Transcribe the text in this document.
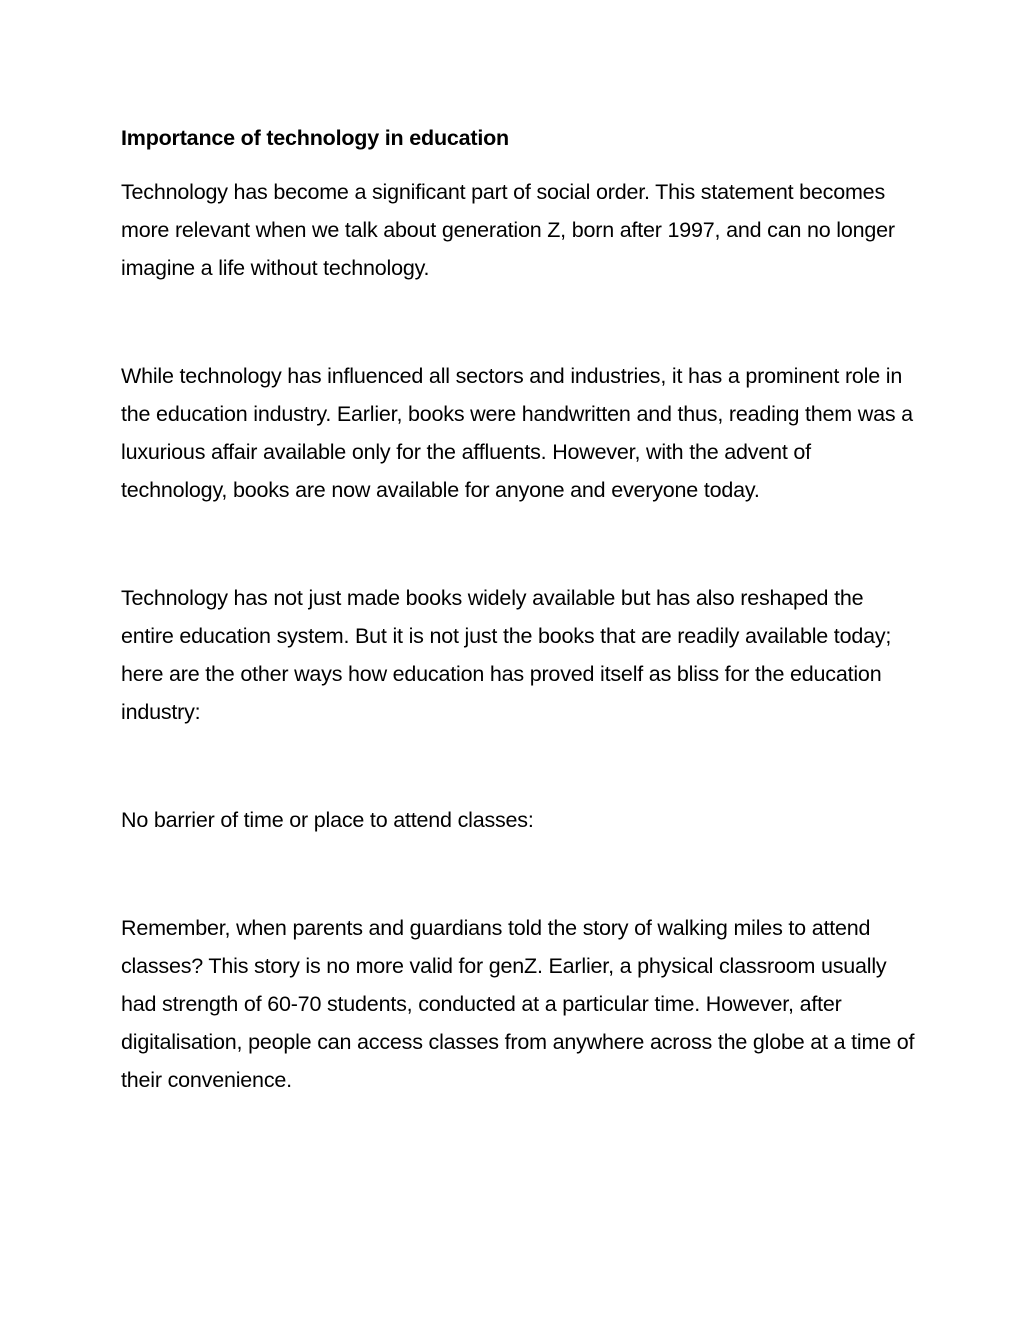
Importance of technology in education

Technology has become a significant part of social order. This statement becomes more relevant when we talk about generation Z, born after 1997, and can no longer imagine a life without technology.

While technology has influenced all sectors and industries, it has a prominent role in the education industry. Earlier, books were handwritten and thus, reading them was a luxurious affair available only for the affluents. However, with the advent of technology, books are now available for anyone and everyone today.

Technology has not just made books widely available but has also reshaped the entire education system. But it is not just the books that are readily available today; here are the other ways how education has proved itself as bliss for the education industry:

No barrier of time or place to attend classes:

Remember, when parents and guardians told the story of walking miles to attend classes? This story is no more valid for genZ. Earlier, a physical classroom usually had strength of 60-70 students, conducted at a particular time. However, after digitalisation, people can access classes from anywhere across the globe at a time of their convenience.
